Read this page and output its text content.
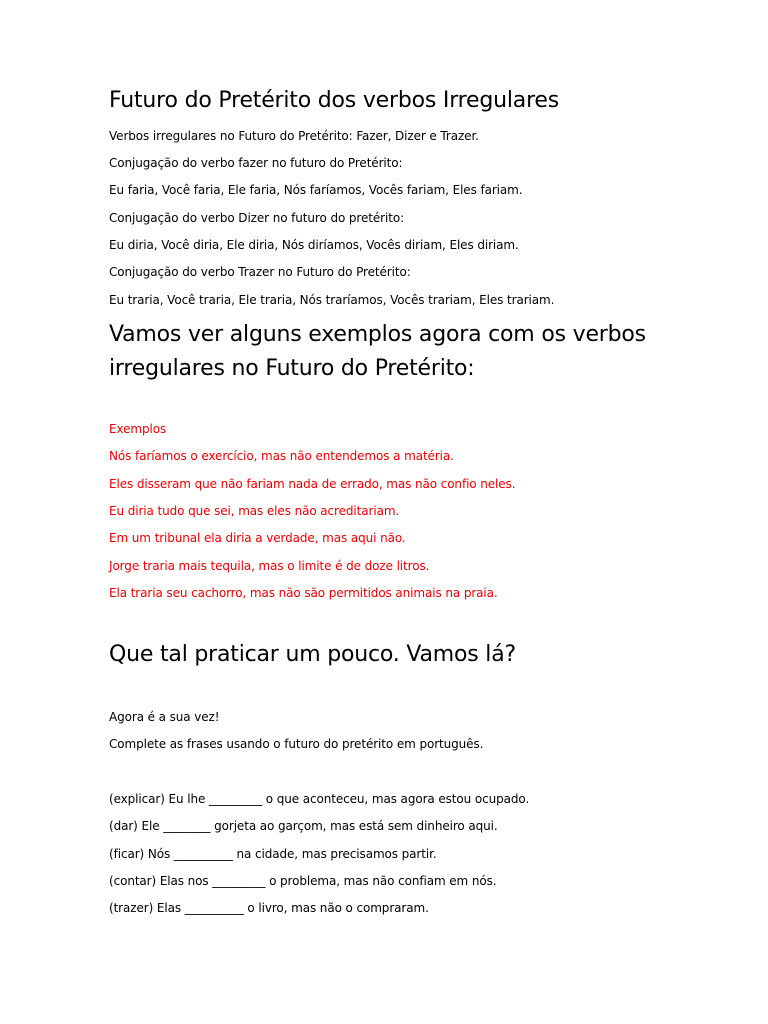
Futuro do Pretérito dos verbos Irregulares

Verbos irregulares no Futuro do Pretérito: Fazer, Dizer e Trazer.

Conjugação do verbo fazer no futuro do Pretérito:

Eu faria, Você faria, Ele faria, Nós faríamos, Vocês fariam, Eles fariam.

Conjugação do verbo Dizer no futuro do pretérito:

Eu diria, Você diria, Ele diria, Nós diríamos, Vocês diriam, Eles diriam.

Conjugação do verbo Trazer no Futuro do Pretérito:

Eu traria, Você traria, Ele traria, Nós traríamos, Vocês trariam, Eles trariam.

Vamos ver alguns exemplos agora com os verbos irregulares no Futuro do Pretérito:

Exemplos

Nós faríamos o exercício, mas não entendemos a matéria.

Eles disseram que não fariam nada de errado, mas não confio neles.

Eu diria tudo que sei, mas eles não acreditariam.

Em um tribunal ela diria a verdade, mas aqui não.

Jorge traria mais tequila, mas o limite é de doze litros.

Ela traria seu cachorro, mas não são permitidos animais na praia.

Que tal praticar um pouco. Vamos lá?

Agora é a sua vez!

Complete as frases usando o futuro do pretérito em português.

(explicar) Eu lhe _________ o que aconteceu, mas agora estou ocupado.

(dar) Ele ________ gorjeta ao garçom, mas está sem dinheiro aqui.

(ficar) Nós __________ na cidade, mas precisamos partir.

(contar) Elas nos _________ o problema, mas não confiam em nós.

(trazer) Elas __________ o livro, mas não o compraram.
